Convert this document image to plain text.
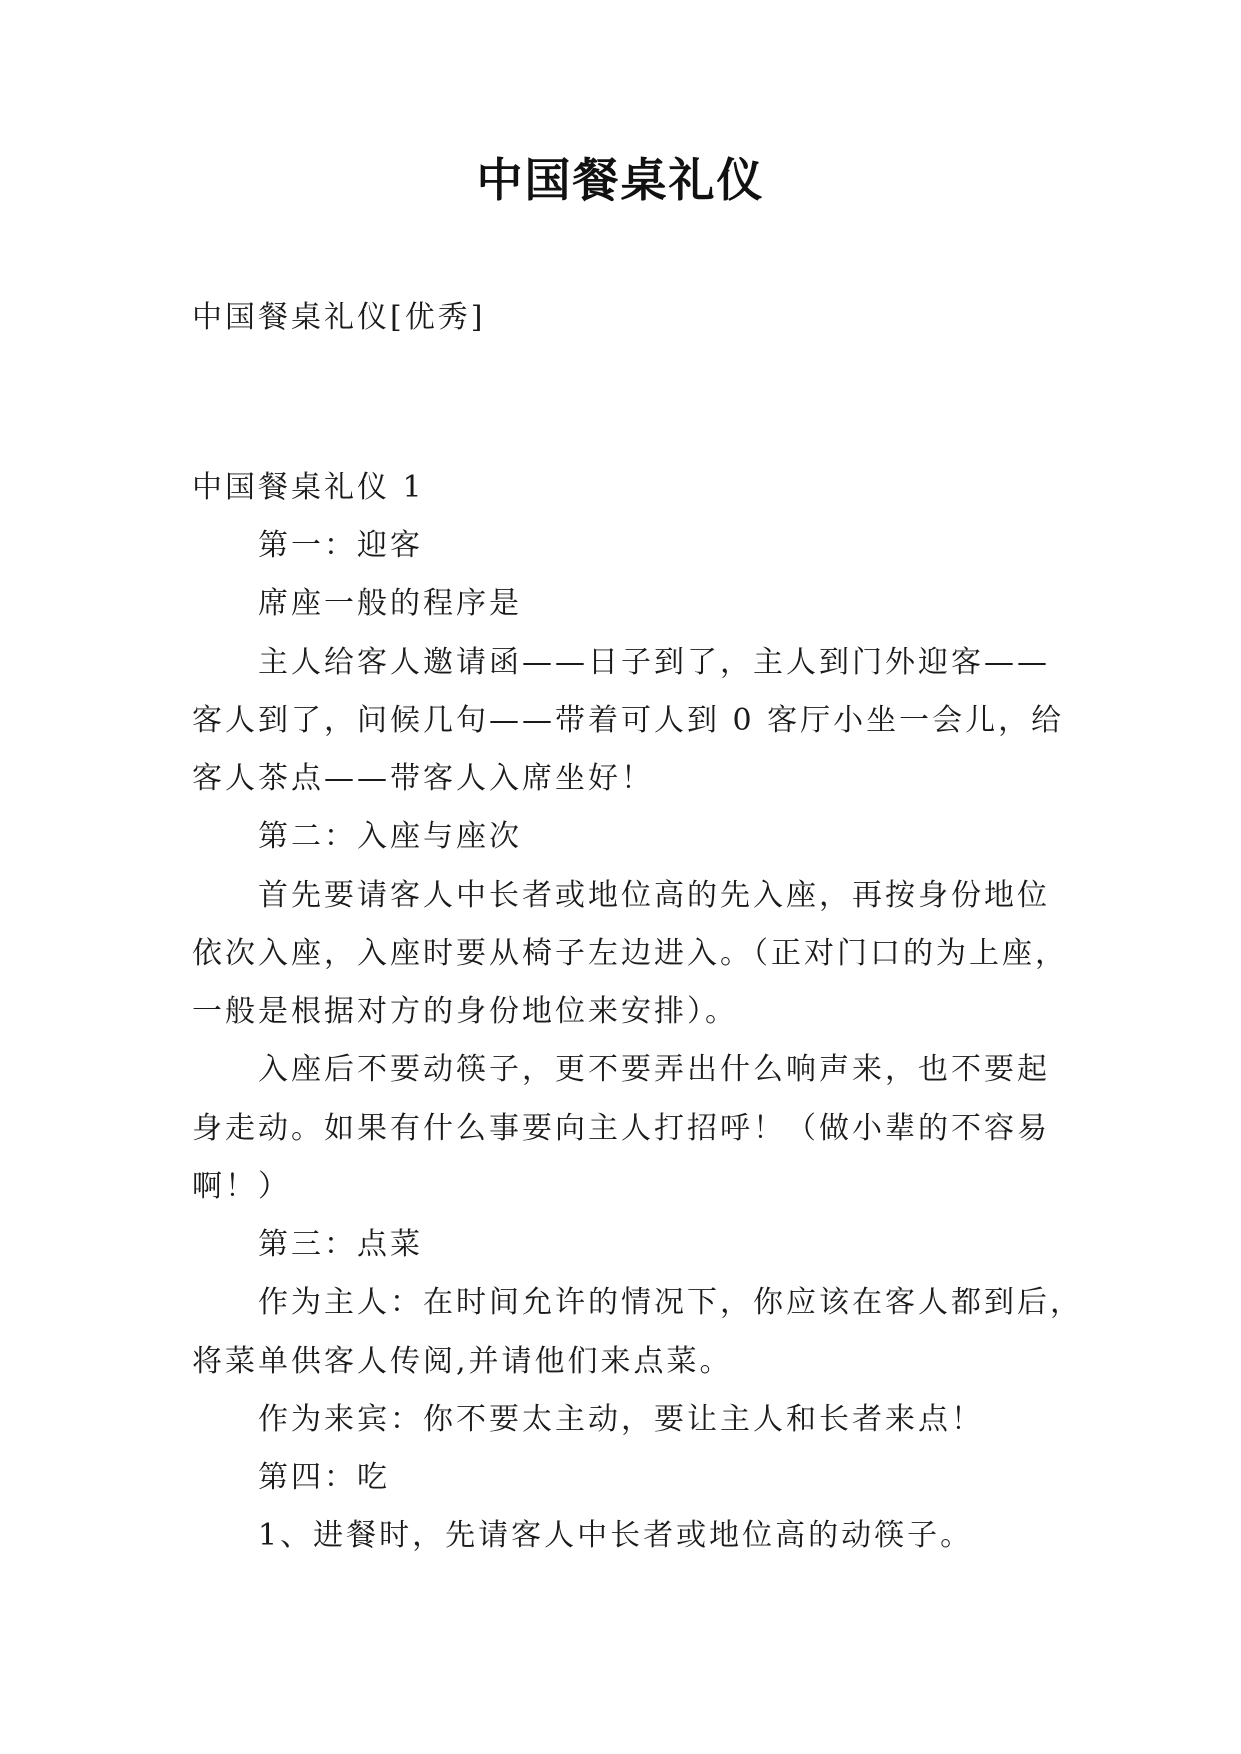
中国餐桌礼仪
中国餐桌礼仪[优秀]
中国餐桌礼仪 1
第一：迎客
席座一般的程序是
主人给客人邀请函——日子到了，主人到门外迎客——
客人到了，问候几句——带着可人到 0 客厅小坐一会儿，给
客人茶点——带客人入席坐好！
第二：入座与座次
首先要请客人中长者或地位高的先入座，再按身份地位
依次入座，入座时要从椅子左边进入。（正对门口的为上座，
一般是根据对方的身份地位来安排）。
入座后不要动筷子，更不要弄出什么响声来，也不要起
身走动。如果有什么事要向主人打招呼！（做小辈的不容易
啊！）
第三：点菜
作为主人：在时间允许的情况下，你应该在客人都到后，
将菜单供客人传阅,并请他们来点菜。
作为来宾：你不要太主动，要让主人和长者来点！
第四：吃
1、进餐时，先请客人中长者或地位高的动筷子。
